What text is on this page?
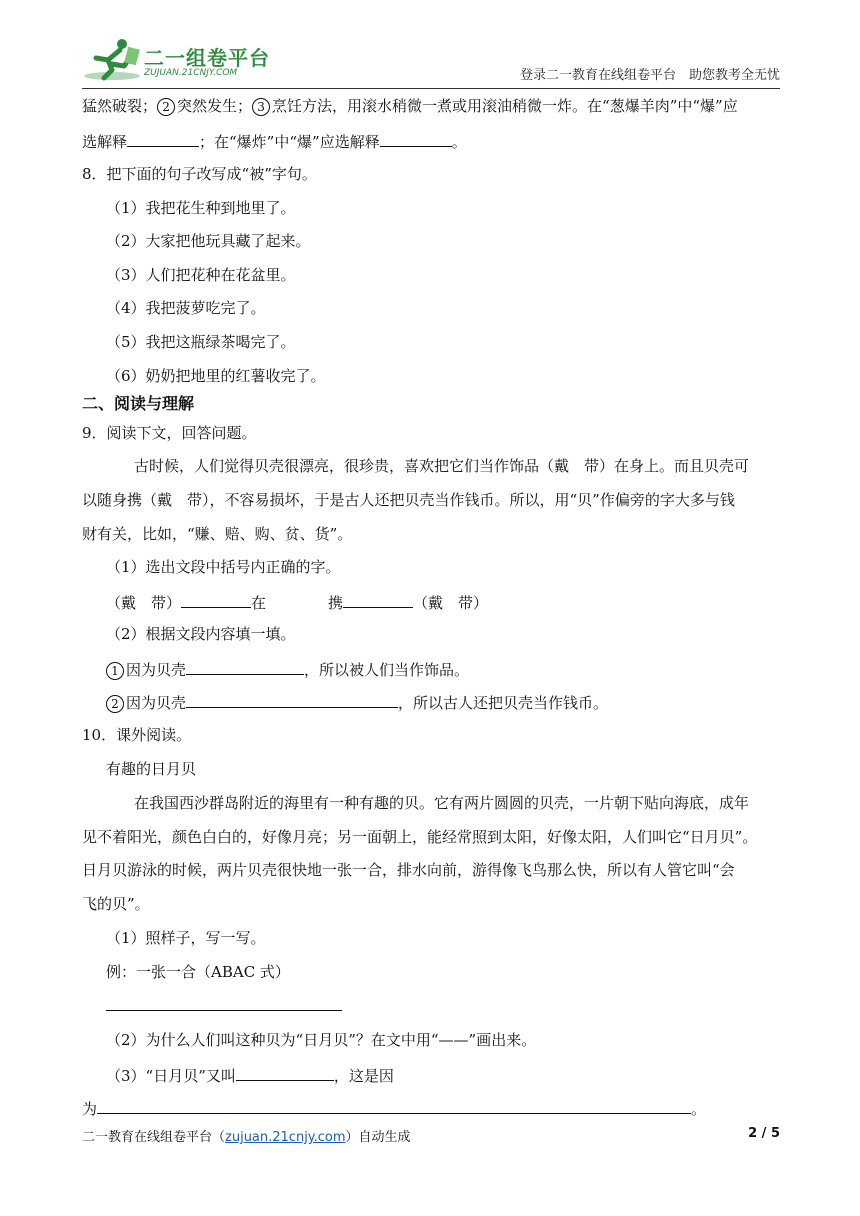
二一组卷平台
ZUJUAN.21CNJY.COM	登录二一教育在线组卷平台　助您教考全无忧
猛然破裂； 2 突然发生； 3 烹饪方法，用滚水稍微一煮或用滚油稍微一炸。在“葱爆羊肉”中“爆”应
选解释	；在“爆炸”中“爆”应选解释	。
8．把下面的句子改写成“被”字句。
（1）我把花生种到地里了。
（2）大家把他玩具藏了起来。
（3）人们把花种在花盆里。
（4）我把菠萝吃完了。
（5）我把这瓶绿茶喝完了。
（6）奶奶把地里的红薯收完了。
二、阅读与理解
9．阅读下文，回答问题。
古时候，人们觉得贝壳很漂亮，很珍贵，喜欢把它们当作饰品（戴　带）在身上。而且贝壳可
以随身携（戴　带），不容易损坏，于是古人还把贝壳当作钱币。所以，用“贝”作偏旁的字大多与钱
财有关，比如，“赚、赔、购、贫、货”。
（1）选出文段中括号内正确的字。
（戴　带）	在	携	（戴　带）
（2）根据文段内容填一填。
1 因为贝壳	，所以被人们当作饰品。
2 因为贝壳	，所以古人还把贝壳当作钱币。
10．课外阅读。
有趣的日月贝
在我国西沙群岛附近的海里有一种有趣的贝。它有两片圆圆的贝壳，一片朝下贴向海底，成年
见不着阳光，颜色白白的，好像月亮；另一面朝上，能经常照到太阳，好像太阳，人们叫它“日月贝”。
日月贝游泳的时候，两片贝壳很快地一张一合，排水向前，游得像飞鸟那么快，所以有人管它叫“会
飞的贝”。
（1）照样子，写一写。
例：一张一合（ABAC 式）
（2）为什么人们叫这种贝为“日月贝”？在文中用“——”画出来。
（3）“日月贝”又叫	，这是因
为	。
二一教育在线组卷平台（zujuan.21cnjy.com）自动生成	2 / 5
